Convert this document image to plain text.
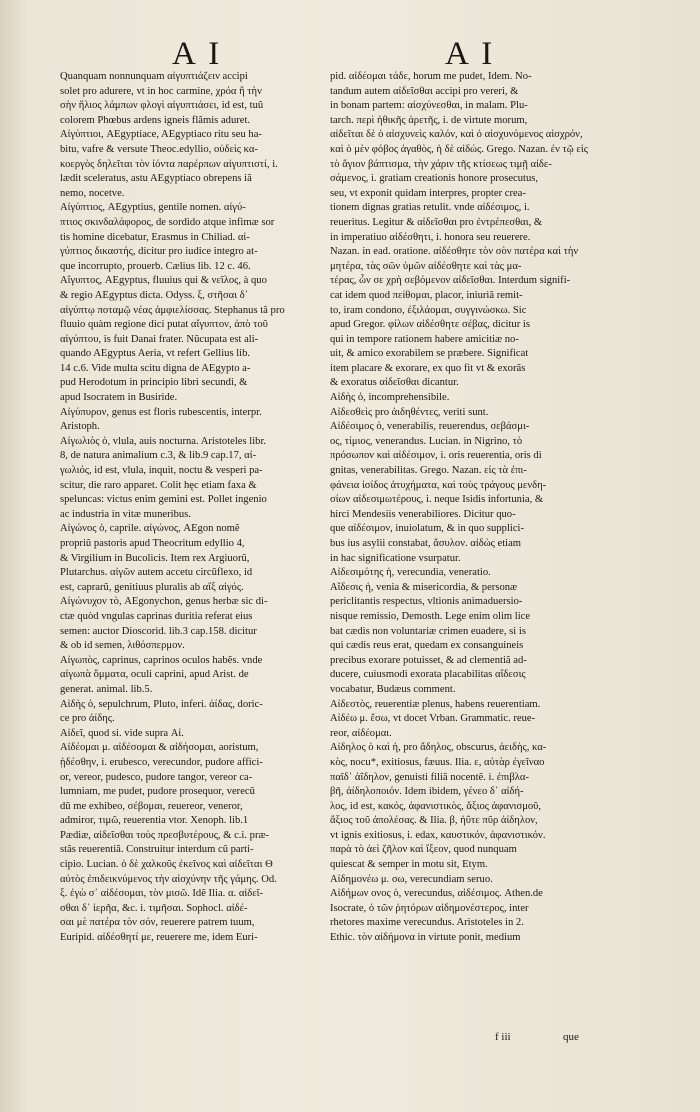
A I	A I
Quanquam nonnunquam αἰγυπτιάζειν accipi
solet pro adurere, vt in hoc carmine, χρόα ἢ τὴν
σὴν ἥλιος λάμπων φλογὶ αἰγυπτιάσει, id est, tuũ
colorem Phœbus ardens igneis flãmis aduret.
Αἰγύπτιοι, AEgyptiace, AEgyptiaco ritu seu ha-
bitu, vafre & versute Theoc.edyllio, οὐδεὶς κα-
κοεργὸς δηλεῖται τὸν ἰόντα παρέρπων αἰγυπτιστί, i.
lædit sceleratus, astu AEgyptiaco obrepens iã
nemo, nocetve.
Αἰγύπτιος, AEgyptius, gentile nomen. αἰγύ-
πτιος σκινδαλάφορος, de sordido atque infimæ sor
tis homine dicebatur, Erasmus in Chiliad. αἰ-
γύπτιος δικαστής, dicitur pro iudice integro at-
que incorrupto, prouerb. Cælius lib. 12 c. 46.
Αἴγυπτος, AEgyptus, fluuius qui & νεῖλος, à quo
& regio AEgyptus dicta. Odyss. ξ, στῆσαι δ᾽
αἰγύπτῳ ποταμῷ νέας ἀμφιελίσσας. Stephanus tã pro
fluuio quàm regione dici putat αἴγυπτον, ἀπὸ τοῦ
αἰγύπτου, is fuit Danai frater. Nũcupata est ali-
quando AEgyptus Aeria, vt refert Gellius lib.
14 c.6. Vide multa scitu digna de AEgypto a-
pud Herodotum in principio libri secundi, &
apud Isocratem in Busiride.
Αἰγύπυρον, genus est floris rubescentis, interpr.
Aristoph.
Αἰγωλιὸς ὁ, vlula, auis nocturna. Aristoteles libr.
8, de natura animalium c.3, & lib.9 cap.17, αἰ-
γωλιός, id est, vlula, inquit, noctu & vesperi pa-
scitur, die raro apparet. Colit hęc etiam faxa &
speluncas: victus enim gemini est. Pollet ingenio
ac industria in vitæ muneribus.
Αἰγώνος ὁ, caprile. αἰγώνος, AEgon nomẽ
propriũ pastoris apud Theocritum edyllio 4,
& Virgilium in Bucolicis. Item rex Argiuorũ,
Plutarchus. αἰγῶν autem accetu circũflexo, id
est, caprarũ, genitiuus pluralis ab αἴξ αἰγός.
Αἰγώνυχον τὸ, AEgonychon, genus herbæ sic di-
ctæ quòd vngulas caprinas duritia referat eius
semen: auctor Dioscorid. lib.3 cap.158. dicitur
& ob id semen, λιθόσπερμον.
Αἰγωπὸς, caprinus, caprinos oculos habẽs. vnde
αἰγωπὰ ὄμματα, oculi caprini, apud Arist. de
generat. animal. lib.5.
Αἰδὴς ὁ, sepulchrum, Pluto, inferi. ἀίδας, doric-
ce pro ἀίδης.
Αἰδεῖ, quod si. vide supra Αἰ.
Αἰδέομαι μ. αἰδέσομαι & αἰδήσομαι, aoristum,
ᾐδέσθην, i. erubesco, verecundor, pudore affici-
or, vereor, pudesco, pudore tangor, vereor ca-
lumniam, me pudet, pudore prosequor, verecũ
dũ me exhibeo, σέβομαι, reuereor, veneror,
admiror, τιμῶ, reuerentia vtor. Xenoph. lib.1
Pædiæ, αἰδεῖσθαι τοὺς πρεσβυτέρους, & c.i. præ-
stãs reuerentiã. Construitur interdum cũ parti-
cipio. Lucian. ὁ δὲ χαλκοῦς ἐκεῖνος καὶ αἰδεῖται Θ
αὐτὸς ἐπιδεικνύμενος τὴν αἰσχύνην τῆς γάμης. Od.
ξ. ἐγὼ σ᾽ αἰδέσομαι, τὸν μισῶ. Idẽ Ilia. α. αἰδεῖ-
σθαι δ᾽ ἱερῆα, &c. i. τιμῆσαι. Sophocl. αἰδέ-
σαι μὲ πατέρα τὸν σόν, reuerere patrem tuum,
Euripid. αἰδέσθητί με, reuerere me, idem Euri-
pid. αἰδέομαι τάδε, horum me pudet, Idem. No-
tandum autem αἰδεῖσθαι accipi pro vereri, &
in bonam partem: αἰσχύνεσθαι, in malam. Plu-
tarch. περὶ ἠθικῆς ἀρετῆς, i. de virtute morum,
αἰδεῖται δὲ ὁ αἰσχυνεὶς καλόν, καὶ ὁ αἰσχυνόμενος αἰσχρόν,
καὶ ὁ μὲν φόβος ἀγαθὸς, ἡ δὲ αἰδώς. Grego. Nazan. ἐν τῷ εἰς
τὸ ἅγιον βάπτισμα, τὴν χάριν τῆς κτίσεως τιμῇ αἰδε-
σάμενος, i. gratiam creationis honore prosecutus,
seu, vt exponit quidam interpres, propter crea-
tionem dignas gratias retulit. vnde αἰδέσιμος, i.
reueritus. Legitur & αἰδεῖσθαι pro ἐντρέπεσθαι, &
in imperatiuo αἰδέσθητι, i. honora seu reuerere.
Nazan. in ead. oratione. αἰδέσθητε τὸν σὸν πατέρα καὶ τὴν
μητέρα, τὰς σῶν ὑμῶν αἰδέσθητε καὶ τὰς μα-
τέρας, ὧν σε χρὴ σεβόμενον αἰδεῖσθαι. Interdum signifi-
cat idem quod πείθομαι, placor, iniuriã remit-
to, iram condono, ἐξιλάομαι, συγγινώσκω. Sic
apud Gregor. φίλων αἰδέσθητε σέβας, dicitur is
qui in tempore rationem habere amicitiæ no-
uit, & amico exorabilem se præbere. Significat
item placare & exorare, ex quo fit vt & exorãs
& exoratus αἰδεῖσθαι dicantur.
Αἰδὴς ὁ, incomprehensibile.
Αἰδεσθεὶς pro ἀιδηθέντες, veriti sunt.
Αἰδέσιμος ὁ, venerabilis, reuerendus, σεβάσμι-
ος, τίμιος, venerandus. Lucian. in Nigrino, τὸ
πρόσωπον καὶ αἰδέσιμον, i. oris reuerentia, oris di
gnitas, venerabilitas. Grego. Nazan. εἰς τὰ ἐπι-
φάνεια ἰσίδος ἀτυχήματα, καὶ τοὺς τράγους μενδη-
σίων αἰδεσιμωτέρους, i. neque Isidis infortunia, &
hirci Mendesiis venerabiliores. Dicitur quo-
que αἰδέσιμον, inuiolatum, & in quo supplici-
bus ius asylii constabat, ἄσυλον. αἰδὼς etiam
in hac significatione vsurpatur.
Αἰδεσιμότης ἡ, verecundia, veneratio.
Αἴδεσις ἡ, venia & misericordia, & personæ
periclitantis respectus, vltionis animaduersio-
nisque remissio, Demosth. Lege enim olim lice
bat cædis non voluntariæ crimen euadere, si is
qui cædis reus erat, quedam ex consanguineis
precibus exorare potuisset, & ad clementiã ad-
ducere, cuiusmodi exorata placabilitas αἴδεσις
vocabatur, Budæus comment.
Αἰδεστὸς, reuerentiæ plenus, habens reuerentiam.
Αἰδέω μ. ἔσω, vt docet Vrban. Grammatic. reue-
reor, αἰδέομαι.
Αἰδηλος ὁ καὶ ἡ, pro ἄδηλος, obscurus, ἀειδὴς, κα-
κὸς, nocu*, exitiosus, fæuus. Ilia. ε, αὐτὰρ ἐγεῖναο
παῖδ᾽ ἀΐδηλον, genuisti filiã nocentẽ. i. ἐπιβλα-
βῆ, ἀίδηλοποιόν. Idem ibidem, γένεο δ᾽ αἰδή-
λος, id est, κακός, ἀφανιστικὸς, ἄξιος ἀφανισμοῦ,
ἄξιος τοῦ ἀπολέσας. & Ilia. β, ἠΰτε πῦρ ἀίδηλον,
vt ignis exitiosus, i. edax, καυστικόν, ἀφανιστικόν.
παρὰ τὸ ἀεὶ ζῆλον καὶ ἴξεον, quod nunquam
quiescat & semper in motu sit, Etym.
Αἰδημονέω μ. σω, verecundiam seruo.
Αἰδήμων ονος ὁ, verecundus, αἰδέσιμος. Athen.de
Isocrate, ὁ τῶν ῥητόρων αἰδημονέστερος, inter
rhetores maxime verecundus. Aristoteles in 2.
Ethic. τὸν αἰδήμονα in virtute ponit, medium
f iii	que
